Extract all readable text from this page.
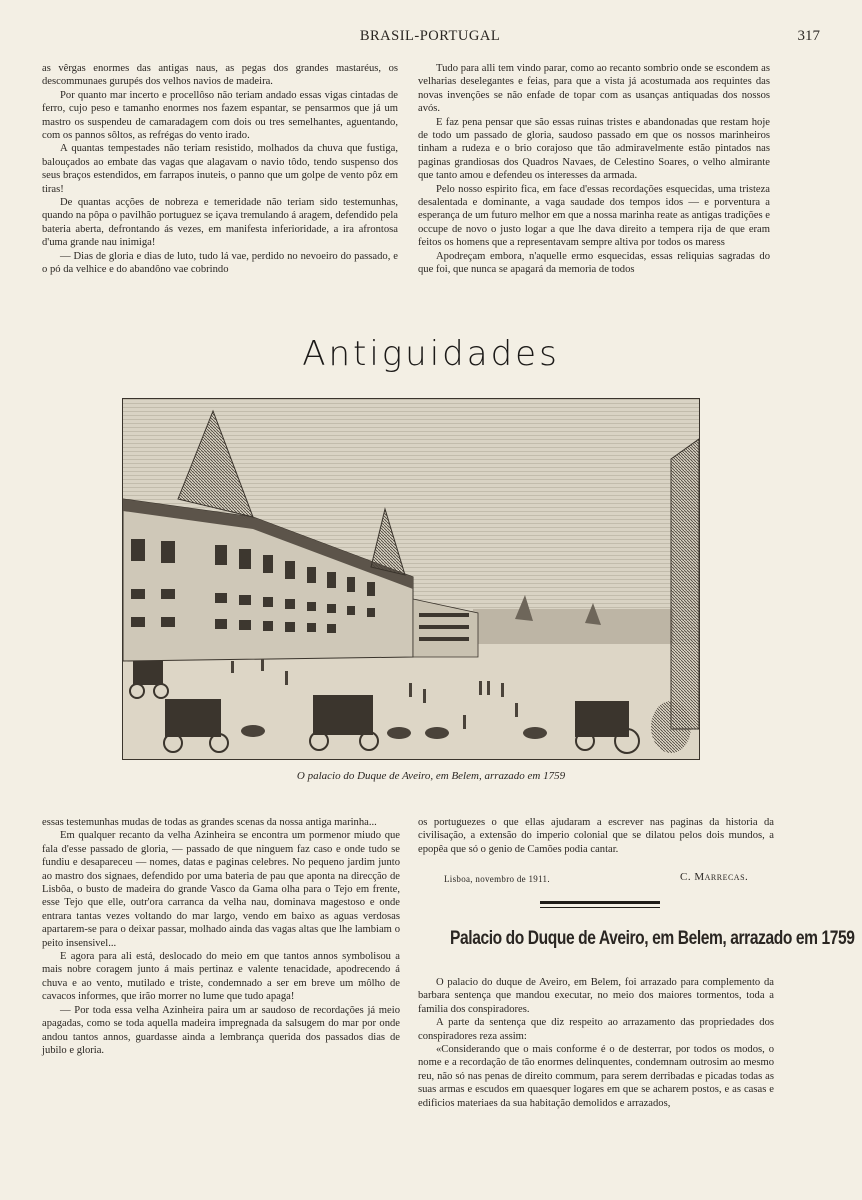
BRASIL-PORTUGAL	317

as vêrgas enormes das antigas naus, as pegas dos grandes mastaréus, os descommunaes gurupés dos velhos navios de madeira.

Por quanto mar incerto e procellôso não teriam andado essas vigas cintadas de ferro, cujo peso e tamanho enormes nos fazem espantar, se pensarmos que já um mastro os suspendeu de camaradagem com dois ou tres semelhantes, aguentando, com os pannos sôltos, as refrégas do vento irado.

A quantas tempestades não teriam resistido, molhados da chuva que fustiga, balouçados ao embate das vagas que alagavam o navio tôdo, tendo suspenso dos seus braços estendidos, em farrapos inuteis, o panno que um golpe de vento pôz em tiras!

De quantas acções de nobreza e temeridade não teriam sido testemunhas, quando na pôpa o pavilhão portuguez se içava tremulando á aragem, defendido pela bateria aberta, defrontando ás vezes, em manifesta inferioridade, a ira afrontosa d'uma grande nau inimiga!

— Dias de gloria e dias de luto, tudo lá vae, perdido no nevoeiro do passado, e o pó da velhice e do abandôno vae cobrindo

Tudo para alli tem vindo parar, como ao recanto sombrio onde se escondem as velharias deselegantes e feias, para que a vista já acostumada aos requintes das novas invenções se não enfade de topar com as usanças antiquadas dos nossos avós.

E faz pena pensar que são essas ruinas tristes e abandonadas que restam hoje de todo um passado de gloria, saudoso passado em que os nossos marinheiros tinham a rudeza e o brio corajoso que tão admiravelmente estão pintados nas paginas grandiosas dos Quadros Navaes, de Celestino Soares, o velho almirante que tanto amou e defendeu os interesses da armada.

Pelo nosso espirito fica, em face d'essas recordações esquecidas, uma tristeza desalentada e dominante, a vaga saudade dos tempos idos — e porventura a esperança de um futuro melhor em que a nossa marinha reate as antigas tradições e occupe de novo o justo logar a que lhe dava direito a tempera rija de que eram feitos os homens que a representavam sempre altiva por todos os maress

Apodreçam embora, n'aquelle ermo esquecidas, essas reliquias sagradas do que foi, que nunca se apagará da memoria de todos

Antiguidades
O palacio do Duque de Aveiro, em Belem, arrazado em 1759

essas testemunhas mudas de todas as grandes scenas da nossa antiga marinha...

Em qualquer recanto da velha Azinheira se encontra um pormenor miudo que fala d'esse passado de gloria, — passado de que ninguem faz caso e onde tudo se fundiu e desapareceu — nomes, datas e paginas celebres. No pequeno jardim junto ao mastro dos signaes, defendido por uma bateria de pau que aponta na direcção de Lisbôa, o busto de madeira do grande Vasco da Gama olha para o Tejo em frente, esse Tejo que elle, outr'ora carranca da velha nau, dominava magestoso e onde entrara tantas vezes voltando do mar largo, vendo em baixo as aguas verdosas apartarem-se para o deixar passar, molhado ainda das vagas altas que lhe lambiam o peito insensivel...

E agora para ali está, deslocado do meio em que tantos annos symbolisou a mais nobre coragem junto á mais pertinaz e valente tenacidade, apodrecendo á chuva e ao vento, mutilado e triste, condemnado a ser em breve um môlho de cavacos informes, que irão morrer no lume que tudo apaga!

— Por toda essa velha Azinheira paira um ar saudoso de recordações já meio apagadas, como se toda aquella madeira impregnada da salsugem do mar por onde andou tantos annos, guardasse ainda a lembrança querida dos passados dias de jubilo e gloria.

os portuguezes o que ellas ajudaram a escrever nas paginas da historia da civilisação, a extensão do imperio colonial que se dilatou pelos dois mundos, a epopêa que só o genio de Camões podia cantar.

Lisboa, novembro de 1911.	C. Marrecas.
Palacio do Duque de Aveiro, em Belem, arrazado em 1759

O palacio do duque de Aveiro, em Belem, foi arrazado para complemento da barbara sentença que mandou executar, no meio dos maiores tormentos, toda a familia dos conspiradores.

A parte da sentença que diz respeito ao arrazamento das propriedades dos conspiradores reza assim:

«Considerando que o mais conforme é o de desterrar, por todos os modos, o nome e a recordação de tão enormes delinquentes, condemnam outrosim ao mesmo reu, não só nas penas de direito commum, para serem derribadas e picadas todas as suas armas e escudos em quaesquer logares em que se acharem postos, e as casas e edificios materiaes da sua habitação demolidos e arrazados,
